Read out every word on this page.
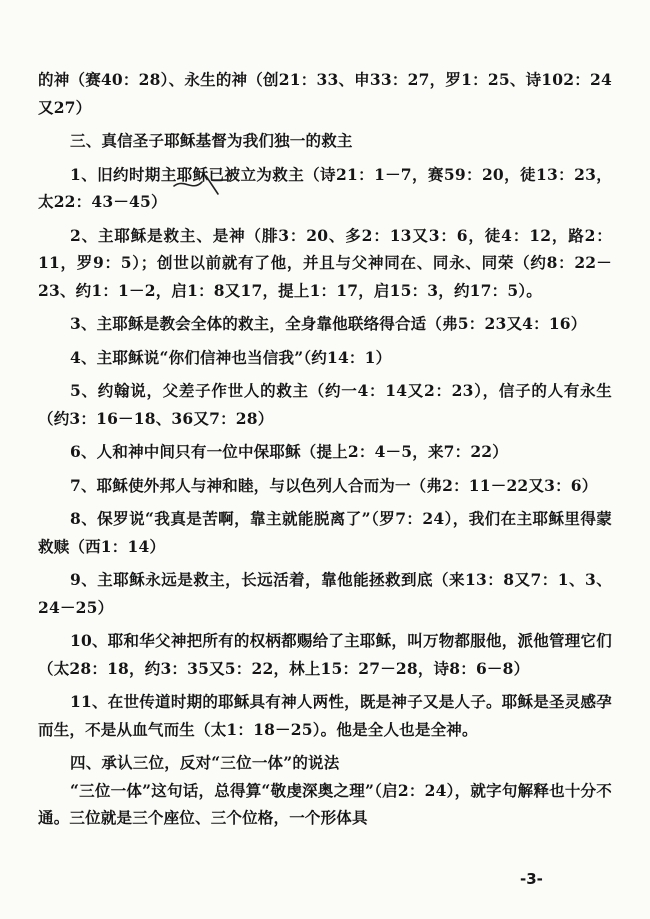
的神（赛40：28）、永生的神（创21：33、申33：27，罗1：25、诗102：24又27）

三、真信圣子耶稣基督为我们独一的救主

1、旧约时期主耶稣已被立为救主（诗21：1－7，赛59：20，徒13：23，太22：43－45）

2、主耶稣是救主、是神（腓3：20、多2：13又3：6，徒4：12，路2：11，罗9：5）；创世以前就有了他，并且与父神同在、同永、同荣（约8：22－23、约1：1－2，启1：8又17，提上1：17，启15：3，约17：5）。

3、主耶稣是教会全体的救主，全身靠他联络得合适（弗5：23又4：16）

4、主耶稣说“你们信神也当信我”（约14：1）

5、约翰说，父差子作世人的救主（约一4：14又2：23），信子的人有永生（约3：16－18、36又7：28）

6、人和神中间只有一位中保耶稣（提上2：4－5，来7：22）

7、耶稣使外邦人与神和睦，与以色列人合而为一（弗2：11－22又3：6）

8、保罗说“我真是苦啊，靠主就能脱离了”（罗7：24），我们在主耶稣里得蒙救赎（西1：14）

9、主耶稣永远是救主，长远活着，靠他能拯救到底（来13：8又7：1、3、24－25）

10、耶和华父神把所有的权柄都赐给了主耶稣，叫万物都服他，派他管理它们（太28：18，约3：35又5：22，林上15：27－28，诗8：6－8）

11、在世传道时期的耶稣具有神人两性，既是神子又是人子。耶稣是圣灵感孕而生，不是从血气而生（太1：18－25）。他是全人也是全神。

四、承认三位，反对“三位一体”的说法

“三位一体”这句话，总得算“敬虔深奥之理”（启2：24），就字句解释也十分不通。三位就是三个座位、三个位格，一个形体具

-3-
